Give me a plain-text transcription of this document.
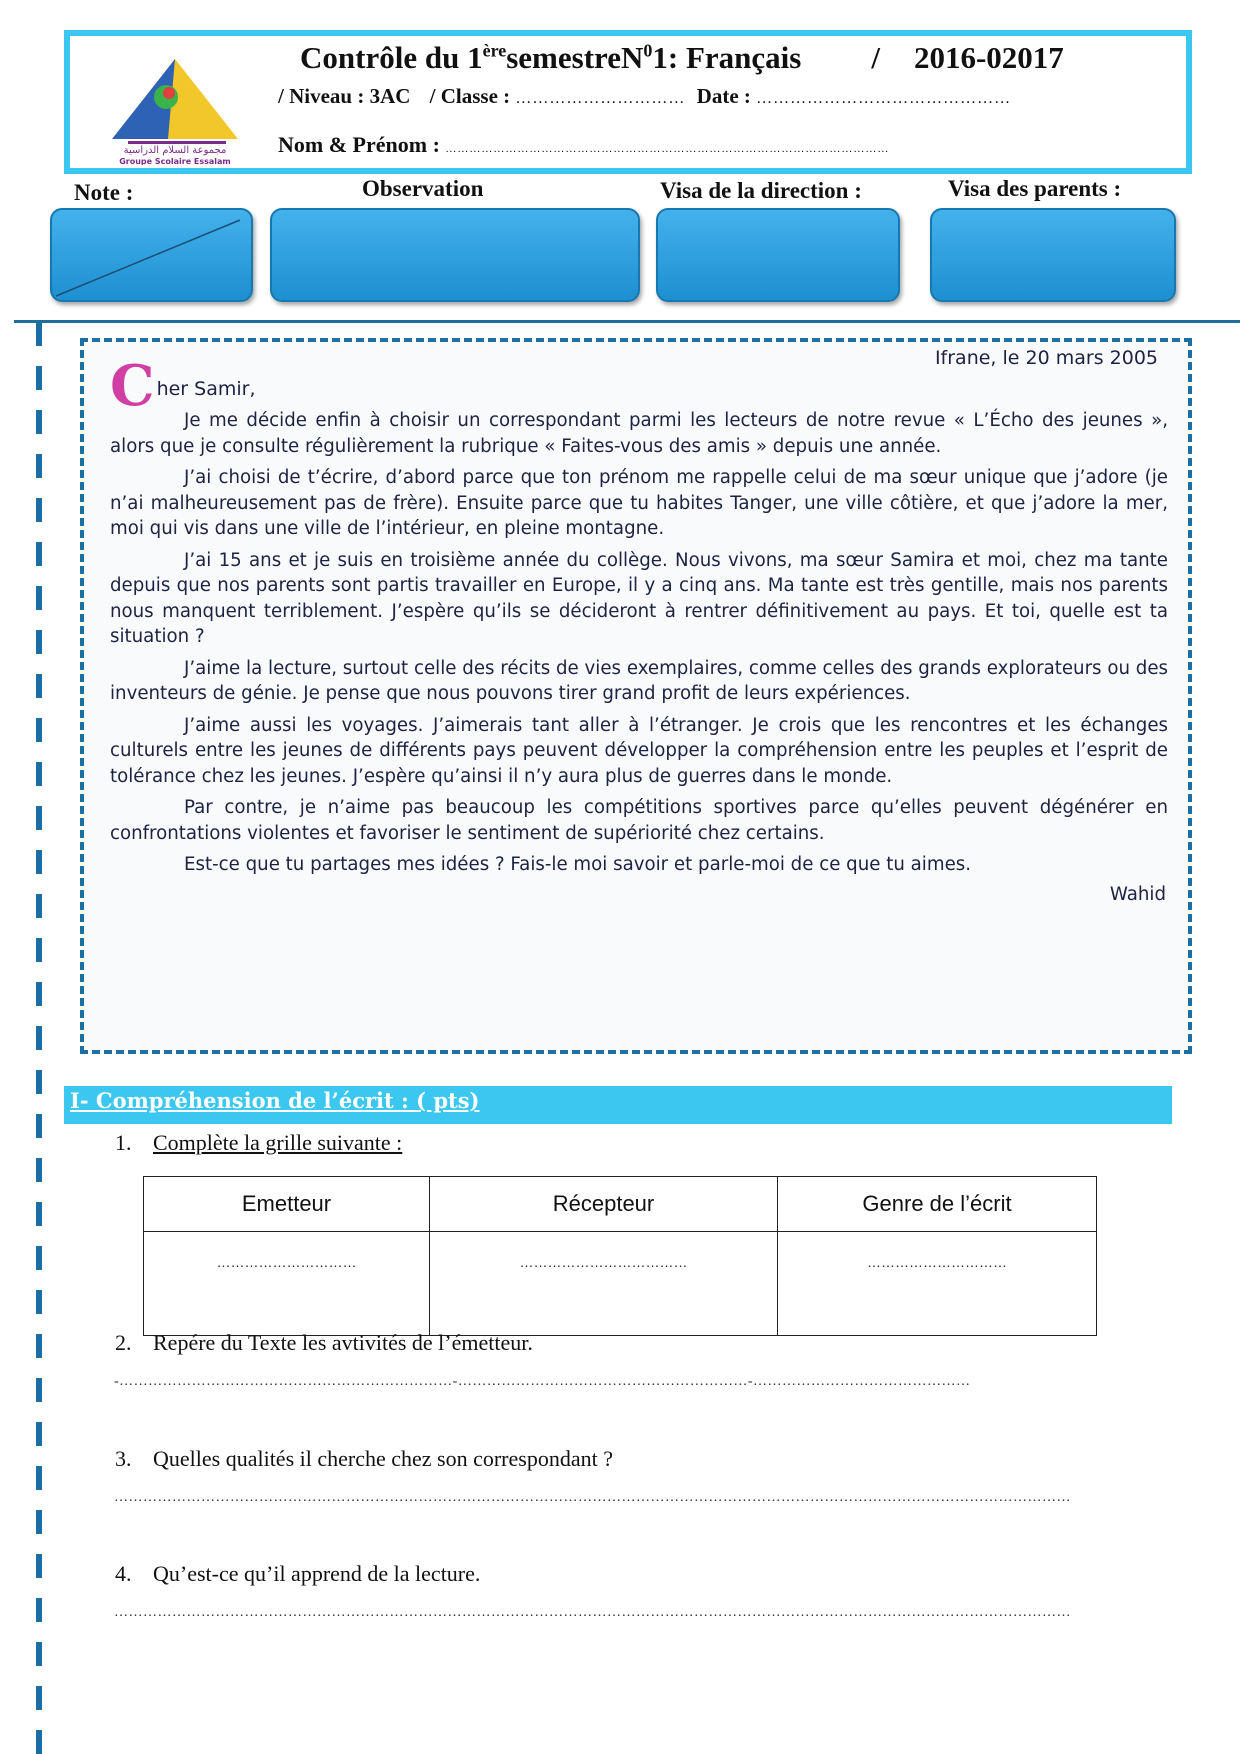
مجموعة السلام الدراسية
Groupe Scolaire Essalam
Contrôle du 1èresemestreN$^0$1: Français / 2016-02017
/ Niveau : 3AC / Classe : ………………………… Date : ………………………………………
Nom & Prénom : …………………………………………………………………………………………………
Note :	Observation	Visa de la direction :	Visa des parents :
Ifrane, le 20 mars 2005
Cher Samir,

Je me décide enfin à choisir un correspondant parmi les lecteurs de notre revue « L’Écho des jeunes », alors que je consulte régulièrement la rubrique « Faites-vous des amis » depuis une année.

J’ai choisi de t’écrire, d’abord parce que ton prénom me rappelle celui de ma sœur unique que j’adore (je n’ai malheureusement pas de frère). Ensuite parce que tu habites Tanger, une ville côtière, et que j’adore la mer, moi qui vis dans une ville de l’intérieur, en pleine montagne.

J’ai 15 ans et je suis en troisième année du collège. Nous vivons, ma sœur Samira et moi, chez ma tante depuis que nos parents sont partis travailler en Europe, il y a cinq ans. Ma tante est très gentille, mais nos parents nous manquent terriblement. J’espère qu’ils se décideront à rentrer définitivement au pays. Et toi, quelle est ta situation ?

J’aime la lecture, surtout celle des récits de vies exemplaires, comme celles des grands explorateurs ou des inventeurs de génie. Je pense que nous pouvons tirer grand profit de leurs expériences.

J’aime aussi les voyages. J’aimerais tant aller à l’étranger. Je crois que les rencontres et les échanges culturels entre les jeunes de différents pays peuvent développer la compréhension entre les peuples et l’esprit de tolérance chez les jeunes. J’espère qu’ainsi il n’y aura plus de guerres dans le monde.

Par contre, je n’aime pas beaucoup les compétitions sportives parce qu’elles peuvent dégénérer en confrontations violentes et favoriser le sentiment de supériorité chez certains.

Est-ce que tu partages mes idées ? Fais-le moi savoir et parle-moi de ce que tu aimes.

Wahid
I- Compréhension de l’écrit : ( pts)
1. Complète la grille suivante :
Emetteur	Récepteur	Genre de l’écrit
…………………………	………………………………	…………………………
2. Repére du Texte les avtivités de l’émetteur.
-……………………………………………………………-……………………………………………………-………………………………………
3. Quelles qualités il cherche chez son correspondant ?
………………………………………………………………………………………………………………………………………………………………………………
4. Qu’est-ce qu’il apprend de la lecture.
………………………………………………………………………………………………………………………………………………………………………………
